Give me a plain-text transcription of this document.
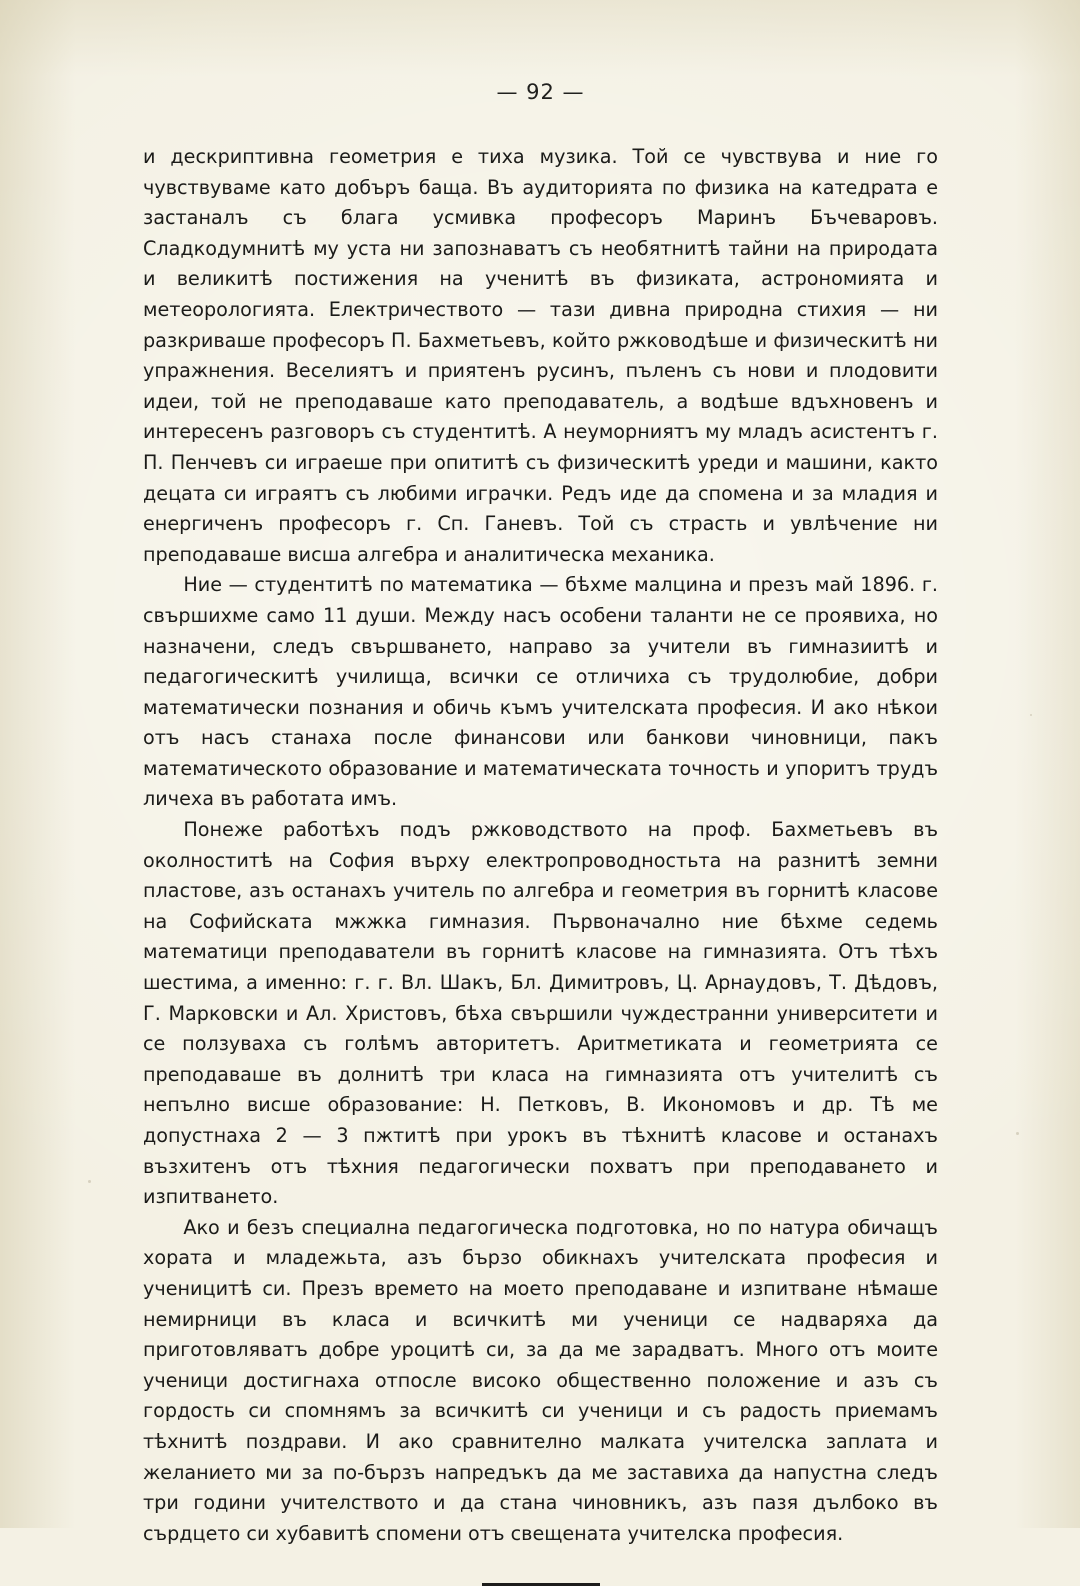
— 92 —

и дескриптивна геометрия е тиха музика. Той се чувствува и ние го чувствуваме като добъръ баща. Въ аудиторията по физика на катедрата е застаналъ съ блага усмивка професоръ Маринъ Бъчеваровъ. Сладкодумнитѣ му уста ни запознаватъ съ необятнитѣ тайни на природата и великитѣ постижения на ученитѣ въ физиката, астрономията и метеорологията. Електричеството — тази дивна природна стихия — ни разкриваше професоръ П. Бахметьевъ, който ржководѣше и физическитѣ ни упражнения. Веселиятъ и приятенъ русинъ, пъленъ съ нови и плодовити идеи, той не преподаваше като преподаватель, а водѣше вдъхновенъ и интересенъ разговоръ съ студентитѣ. А неуморниятъ му младъ асистентъ г. П. Пенчевъ си играеше при опититѣ съ физическитѣ уреди и машини, както децата си играятъ съ любими играчки. Редъ иде да спомена и за младия и енергиченъ професоръ г. Сп. Ганевъ. Той съ страсть и увлѣчение ни преподаваше висша алгебра и аналитическа механика.

Ние — студентитѣ по математика — бѣхме малцина и презъ май 1896. г. свършихме само 11 души. Между насъ особени таланти не се проявиха, но назначени, следъ свършването, направо за учители въ гимназиитѣ и педагогическитѣ училища, всички се отличиха съ трудолюбие, добри математически познания и обичь къмъ учителската професия. И ако нѣкои отъ насъ станаха после финансови или банкови чиновници, пакъ математическото образование и математическата точность и упоритъ трудъ личеха въ работата имъ.

Понеже работѣхъ подъ ржководството на проф. Бахметьевъ въ околноститѣ на София върху електропроводностьта на разнитѣ земни пластове, азъ останахъ учитель по алгебра и геометрия въ горнитѣ класове на Софийската мжжка гимназия. Първоначално ние бѣхме седемь математици преподаватели въ горнитѣ класове на гимназията. Отъ тѣхъ шестима, а именно: г. г. Вл. Шакъ, Бл. Димитровъ, Ц. Арнаудовъ, Т. Дѣдовъ, Г. Марковски и Ал. Христовъ, бѣха свършили чуждестранни университети и се ползуваха съ голѣмъ авторитетъ. Аритметиката и геометрията се преподаваше въ долнитѣ три класа на гимназията отъ учителитѣ съ непълно висше образование: Н. Петковъ, В. Икономовъ и др. Тѣ ме допустнаха 2 — 3 пжтитѣ при урокъ въ тѣхнитѣ класове и останахъ възхитенъ отъ тѣхния педагогически похватъ при преподаването и изпитването.

Ако и безъ специална педагогическа подготовка, но по натура обичащъ хората и младежьта, азъ бързо обикнахъ учителската професия и ученицитѣ си. Презъ времето на моето преподаване и изпитване нѣмаше немирници въ класа и всичкитѣ ми ученици се надваряха да приготовляватъ добре уроцитѣ си, за да ме зарадватъ. Много отъ моите ученици достигнаха отпосле високо общественно положение и азъ съ гордость си спомнямъ за всичкитѣ си ученици и съ радость приемамъ тѣхнитѣ поздрави. И ако сравнително малката учителска заплата и желанието ми за по-бързъ напредъкъ да ме заставиха да напустна следъ три години учителството и да стана чиновникъ, азъ пазя дълбоко въ сърдцето си хубавитѣ спомени отъ свещената учителска професия.
